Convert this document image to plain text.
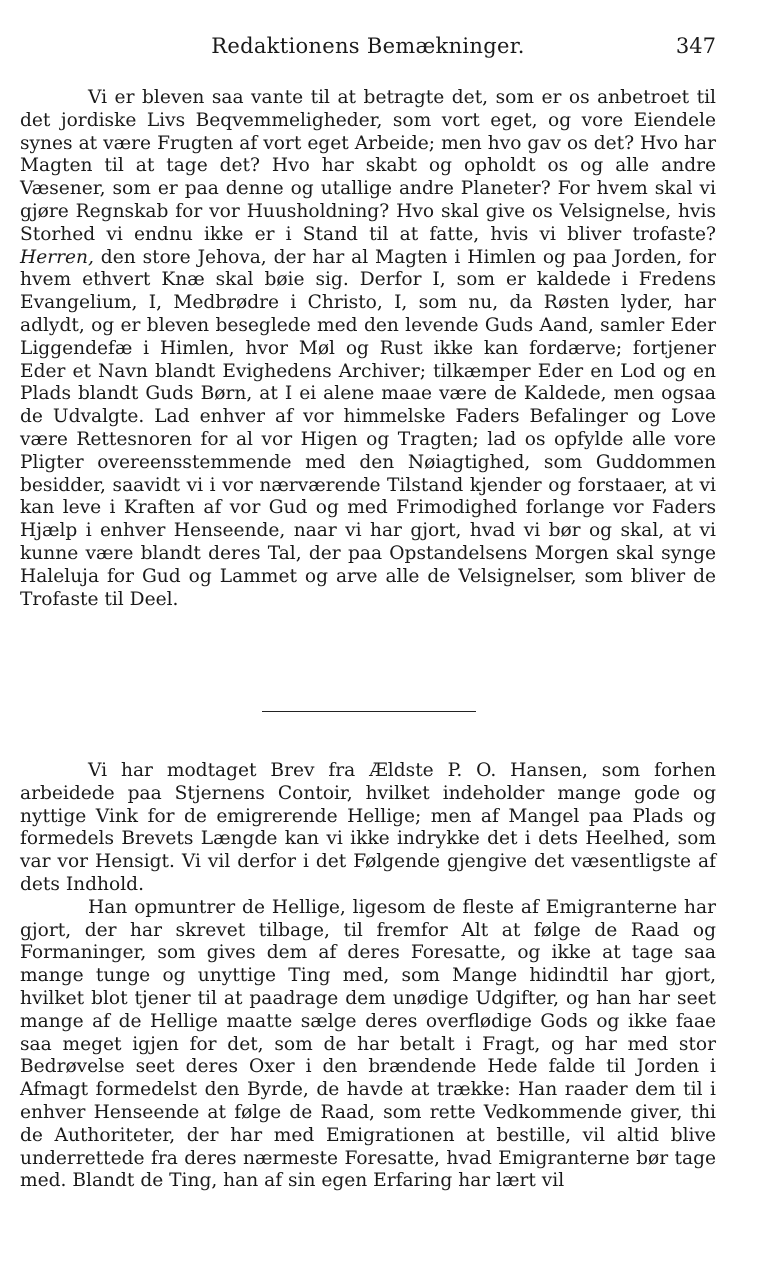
Redaktionens Bemækninger.	347

Vi er bleven saa vante til at betragte det, som er os anbetroet til det jordiske Livs Beqvemmeligheder, som vort eget, og vore Eiendele synes at være Frugten af vort eget Arbeide; men hvo gav os det? Hvo har Magten til at tage det? Hvo har skabt og opholdt os og alle andre Væsener, som er paa denne og utallige andre Planeter? For hvem skal vi gjøre Regnskab for vor Huusholdning? Hvo skal give os Velsignelse, hvis Storhed vi endnu ikke er i Stand til at fatte, hvis vi bliver trofaste? Herren, den store Jehova, der har al Magten i Himlen og paa Jorden, for hvem ethvert Knæ skal bøie sig. Derfor I, som er kaldede i Fredens Evangelium, I, Medbrødre i Christo, I, som nu, da Røsten lyder, har adlydt, og er bleven beseglede med den levende Guds Aand, samler Eder Liggendefæ i Himlen, hvor Møl og Rust ikke kan fordærve; fortjener Eder et Navn blandt Evighedens Archiver; tilkæmper Eder en Lod og en Plads blandt Guds Børn, at I ei alene maae være de Kaldede, men ogsaa de Udvalgte. Lad enhver af vor himmelske Faders Befalinger og Love være Rettesnoren for al vor Higen og Tragten; lad os opfylde alle vore Pligter overeensstemmende med den Nøiagtighed, som Guddommen besidder, saavidt vi i vor nærværende Tilstand kjender og forstaaer, at vi kan leve i Kraften af vor Gud og med Frimodighed forlange vor Faders Hjælp i enhver Henseende, naar vi har gjort, hvad vi bør og skal, at vi kunne være blandt deres Tal, der paa Opstandelsens Morgen skal synge Haleluja for Gud og Lammet og arve alle de Velsignelser, som bliver de Trofaste til Deel.

Vi har modtaget Brev fra Ældste P. O. Hansen, som forhen arbeidede paa Stjernens Contoir, hvilket indeholder mange gode og nyttige Vink for de emigrerende Hellige; men af Mangel paa Plads og formedels Brevets Længde kan vi ikke indrykke det i dets Heelhed, som var vor Hensigt. Vi vil derfor i det Følgende gjengive det væsentligste af dets Indhold.

Han opmuntrer de Hellige, ligesom de fleste af Emigranterne har gjort, der har skrevet tilbage, til fremfor Alt at følge de Raad og Formaninger, som gives dem af deres Foresatte, og ikke at tage saa mange tunge og unyttige Ting med, som Mange hidindtil har gjort, hvilket blot tjener til at paadrage dem unødige Udgifter, og han har seet mange af de Hellige maatte sælge deres overflødige Gods og ikke faae saa meget igjen for det, som de har betalt i Fragt, og har med stor Bedrøvelse seet deres Oxer i den brændende Hede falde til Jorden i Afmagt formedelst den Byrde, de havde at trække: Han raader dem til i enhver Henseende at følge de Raad, som rette Vedkommende giver, thi de Authoriteter, der har med Emigrationen at bestille, vil altid blive underrettede fra deres nærmeste Foresatte, hvad Emigranterne bør tage med. Blandt de Ting, han af sin egen Erfaring har lært vil
